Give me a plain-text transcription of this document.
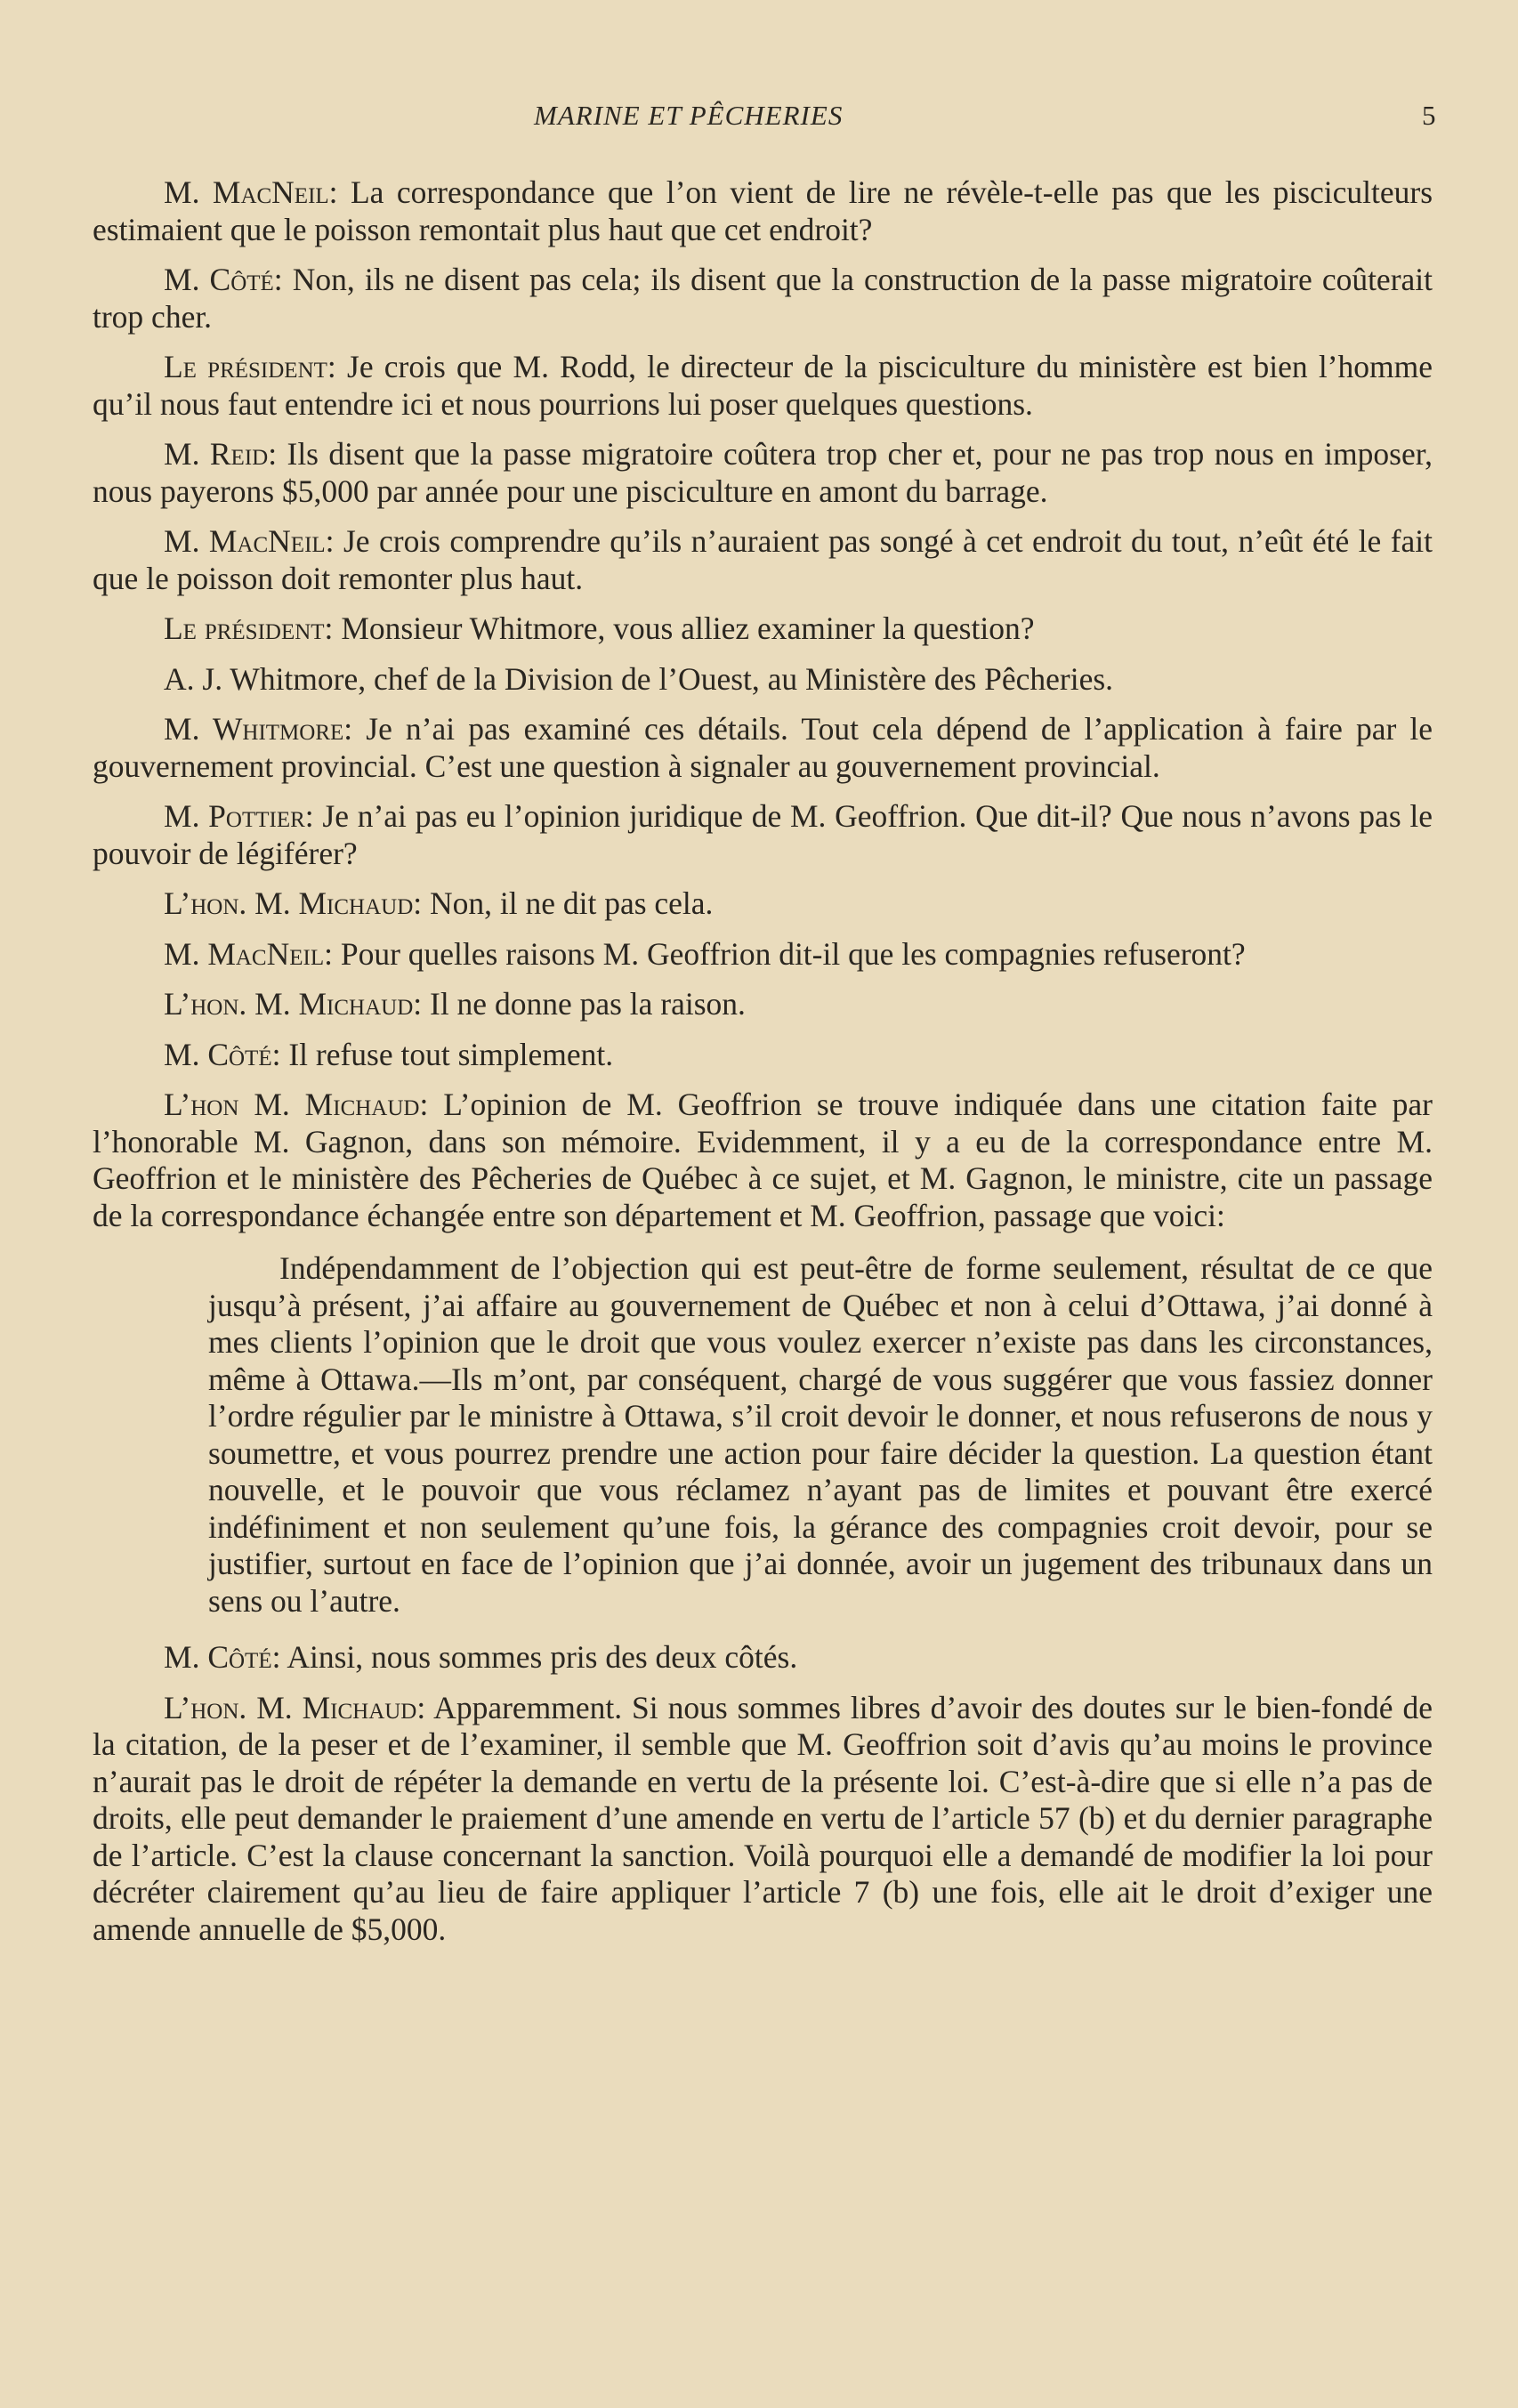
MARINE ET PÊCHERIES	5

M. MacNeil: La correspondance que l’on vient de lire ne révèle-t-elle pas que les pisciculteurs estimaient que le poisson remontait plus haut que cet endroit?

M. Côté: Non, ils ne disent pas cela; ils disent que la construction de la passe migratoire coûterait trop cher.

Le président: Je crois que M. Rodd, le directeur de la pisciculture du ministère est bien l’homme qu’il nous faut entendre ici et nous pourrions lui poser quelques questions.

M. Reid: Ils disent que la passe migratoire coûtera trop cher et, pour ne pas trop nous en imposer, nous payerons $5,000 par année pour une pisciculture en amont du barrage.

M. MacNeil: Je crois comprendre qu’ils n’auraient pas songé à cet endroit du tout, n’eût été le fait que le poisson doit remonter plus haut.

Le président: Monsieur Whitmore, vous alliez examiner la question?

A. J. Whitmore, chef de la Division de l’Ouest, au Ministère des Pêcheries.

M. Whitmore: Je n’ai pas examiné ces détails. Tout cela dépend de l’application à faire par le gouvernement provincial. C’est une question à signaler au gouvernement provincial.

M. Pottier: Je n’ai pas eu l’opinion juridique de M. Geoffrion. Que dit-il? Que nous n’avons pas le pouvoir de légiférer?

L’hon. M. Michaud: Non, il ne dit pas cela.

M. MacNeil: Pour quelles raisons M. Geoffrion dit-il que les compagnies refuseront?

L’hon. M. Michaud: Il ne donne pas la raison.

M. Côté: Il refuse tout simplement.

L’hon M. Michaud: L’opinion de M. Geoffrion se trouve indiquée dans une citation faite par l’honorable M. Gagnon, dans son mémoire. Evidemment, il y a eu de la correspondance entre M. Geoffrion et le ministère des Pêcheries de Québec à ce sujet, et M. Gagnon, le ministre, cite un passage de la correspondance échangée entre son département et M. Geoffrion, passage que voici:

Indépendamment de l’objection qui est peut-être de forme seulement, résultat de ce que jusqu’à présent, j’ai affaire au gouvernement de Québec et non à celui d’Ottawa, j’ai donné à mes clients l’opinion que le droit que vous voulez exercer n’existe pas dans les circonstances, même à Ottawa.—Ils m’ont, par conséquent, chargé de vous suggérer que vous fassiez donner l’ordre régulier par le ministre à Ottawa, s’il croit devoir le donner, et nous refuserons de nous y soumettre, et vous pourrez prendre une action pour faire décider la question. La question étant nouvelle, et le pouvoir que vous réclamez n’ayant pas de limites et pouvant être exercé indéfiniment et non seulement qu’une fois, la gérance des compagnies croit devoir, pour se justifier, surtout en face de l’opinion que j’ai donnée, avoir un jugement des tribunaux dans un sens ou l’autre.

M. Côté: Ainsi, nous sommes pris des deux côtés.

L’hon. M. Michaud: Apparemment. Si nous sommes libres d’avoir des doutes sur le bien-fondé de la citation, de la peser et de l’examiner, il semble que M. Geoffrion soit d’avis qu’au moins le province n’aurait pas le droit de répéter la demande en vertu de la présente loi. C’est-à-dire que si elle n’a pas de droits, elle peut demander le praiement d’une amende en vertu de l’article 57 (b) et du dernier paragraphe de l’article. C’est la clause concernant la sanction. Voilà pourquoi elle a demandé de modifier la loi pour décréter clairement qu’au lieu de faire appliquer l’article 7 (b) une fois, elle ait le droit d’exiger une amende annuelle de $5,000.
